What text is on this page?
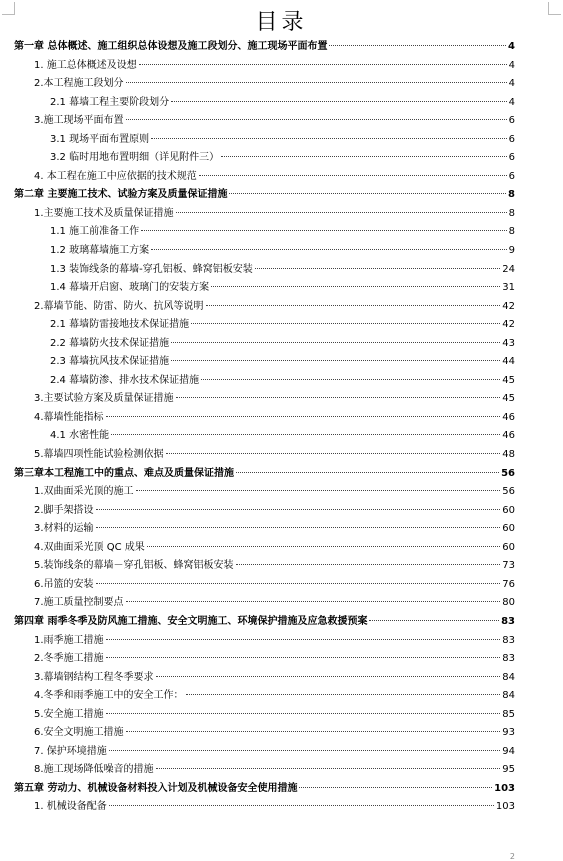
目录
第一章 总体概述、施工组织总体设想及施工段划分、施工现场平面布置	4
1. 施工总体概述及设想	4
2.本工程施工段划分	4
2.1 幕墙工程主要阶段划分	4
3.施工现场平面布置	6
3.1 现场平面布置原则	6
3.2 临时用地布置明细（详见附件三）	6
4. 本工程在施工中应依据的技术规范	6
第二章 主要施工技术、试验方案及质量保证措施	8
1.主要施工技术及质量保证措施	8
1.1 施工前准备工作	8
1.2 玻璃幕墙施工方案	9
1.3 装饰线条的幕墙-穿孔铝板、蜂窝铝板安装	24
1.4 幕墙开启窗、玻璃门的安装方案	31
2.幕墙节能、防雷、防火、抗风等说明	42
2.1 幕墙防雷接地技术保证措施	42
2.2 幕墙防火技术保证措施	43
2.3 幕墙抗风技术保证措施	44
2.4 幕墙防渗、排水技术保证措施	45
3.主要试验方案及质量保证措施	45
4.幕墙性能指标	46
4.1 水密性能	46
5.幕墙四项性能试验检测依据	48
第三章本工程施工中的重点、难点及质量保证措施	56
1.双曲面采光顶的施工	56
2.脚手架搭设	60
3.材料的运输	60
4.双曲面采光顶 QC 成果	60
5.装饰线条的幕墙－穿孔铝板、蜂窝铝板安装	73
6.吊篮的安装	76
7.施工质量控制要点	80
第四章 雨季冬季及防风施工措施、安全文明施工、环境保护措施及应急救援预案	83
1.雨季施工措施	83
2.冬季施工措施	83
3.幕墙钢结构工程冬季要求	84
4.冬季和雨季施工中的安全工作：	84
5.安全施工措施	85
6.安全文明施工措施	93
7. 保护环境措施	94
8.施工现场降低噪音的措施	95
第五章 劳动力、机械设备材料投入计划及机械设备安全使用措施	103
1. 机械设备配备	103
2
